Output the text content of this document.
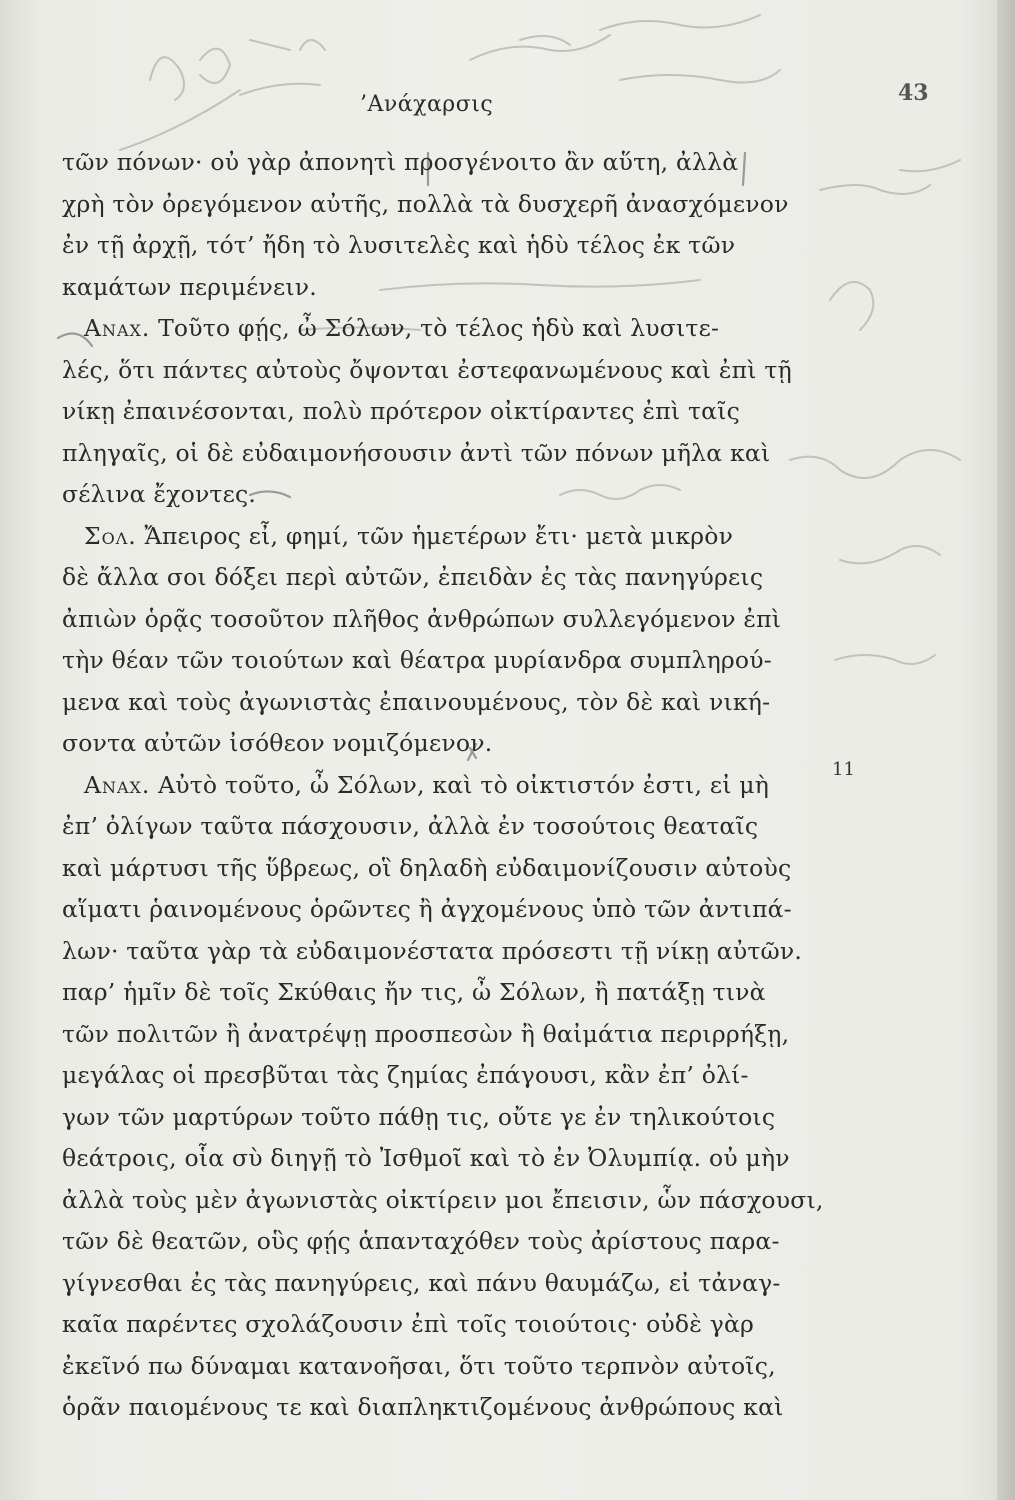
’Ανάχαρσις	43
11
τῶν πόνων· οὐ γὰρ ἀπονητὶ προσγένοιτο ἂν αὕτη, ἀλλὰ
χρὴ τὸν ὀρεγόμενον αὐτῆς, πολλὰ τὰ δυσχερῆ ἀνασχόμενον
ἐν τῇ ἀρχῇ, τότ’ ἤδη τὸ λυσιτελὲς καὶ ἡδὺ τέλος ἐκ τῶν
καμάτων περιμένειν.
Anax. Τοῦτο φῄς, ὦ Σόλων, τὸ τέλος ἡδὺ καὶ λυσιτε-
λές, ὅτι πάντες αὐτοὺς ὄψονται ἐστεφανωμένους καὶ ἐπὶ τῇ
νίκῃ ἐπαινέσονται, πολὺ πρότερον οἰκτίραντες ἐπὶ ταῖς
πληγαῖς, οἱ δὲ εὐδαιμονήσουσιν ἀντὶ τῶν πόνων μῆλα καὶ
σέλινα ἔχοντες.
Σολ. Ἄπειρος εἶ, φημί, τῶν ἡμετέρων ἔτι· μετὰ μικρὸν
δὲ ἄλλα σοι δόξει περὶ αὐτῶν, ἐπειδὰν ἐς τὰς πανηγύρεις
ἀπιὼν ὁρᾷς τοσοῦτον πλῆθος ἀνθρώπων συλλεγόμενον ἐπὶ
τὴν θέαν τῶν τοιούτων καὶ θέατρα μυρίανδρα συμπληρού-
μενα καὶ τοὺς ἀγωνιστὰς ἐπαινουμένους, τὸν δὲ καὶ νική-
σοντα αὐτῶν ἰσόθεον νομιζόμενον.
Anax. Αὐτὸ τοῦτο, ὦ Σόλων, καὶ τὸ οἰκτιστόν ἐστι, εἰ μὴ
ἐπ’ ὀλίγων ταῦτα πάσχουσιν, ἀλλὰ ἐν τοσούτοις θεαταῖς
καὶ μάρτυσι τῆς ὕβρεως, οἳ δηλαδὴ εὐδαιμονίζουσιν αὐτοὺς
αἵματι ῥαινομένους ὁρῶντες ἢ ἀγχομένους ὑπὸ τῶν ἀντιπά-
λων· ταῦτα γὰρ τὰ εὐδαιμονέστατα πρόσεστι τῇ νίκῃ αὐτῶν.
παρ’ ἡμῖν δὲ τοῖς Σκύθαις ἤν τις, ὦ Σόλων, ἢ πατάξῃ τινὰ
τῶν πολιτῶν ἢ ἀνατρέψῃ προσπεσὼν ἢ θαἰμάτια περιρρήξῃ,
μεγάλας οἱ πρεσβῦται τὰς ζημίας ἐπάγουσι, κἂν ἐπ’ ὀλί-
γων τῶν μαρτύρων τοῦτο πάθῃ τις, οὔτε γε ἐν τηλικούτοις
θεάτροις, οἷα σὺ διηγῇ τὸ Ἰσθμοῖ καὶ τὸ ἐν Ὀλυμπίᾳ. οὐ μὴν
ἀλλὰ τοὺς μὲν ἀγωνιστὰς οἰκτίρειν μοι ἔπεισιν, ὧν πάσχουσι,
τῶν δὲ θεατῶν, οὓς φῄς ἁπανταχόθεν τοὺς ἀρίστους παρα-
γίγνεσθαι ἐς τὰς πανηγύρεις, καὶ πάνυ θαυμάζω, εἰ τἀναγ-
καῖα παρέντες σχολάζουσιν ἐπὶ τοῖς τοιούτοις· οὐδὲ γὰρ
ἐκεῖνό πω δύναμαι κατανοῆσαι, ὅτι τοῦτο τερπνὸν αὐτοῖς,
ὁρᾶν παιομένους τε καὶ διαπληκτιζομένους ἀνθρώπους καὶ
